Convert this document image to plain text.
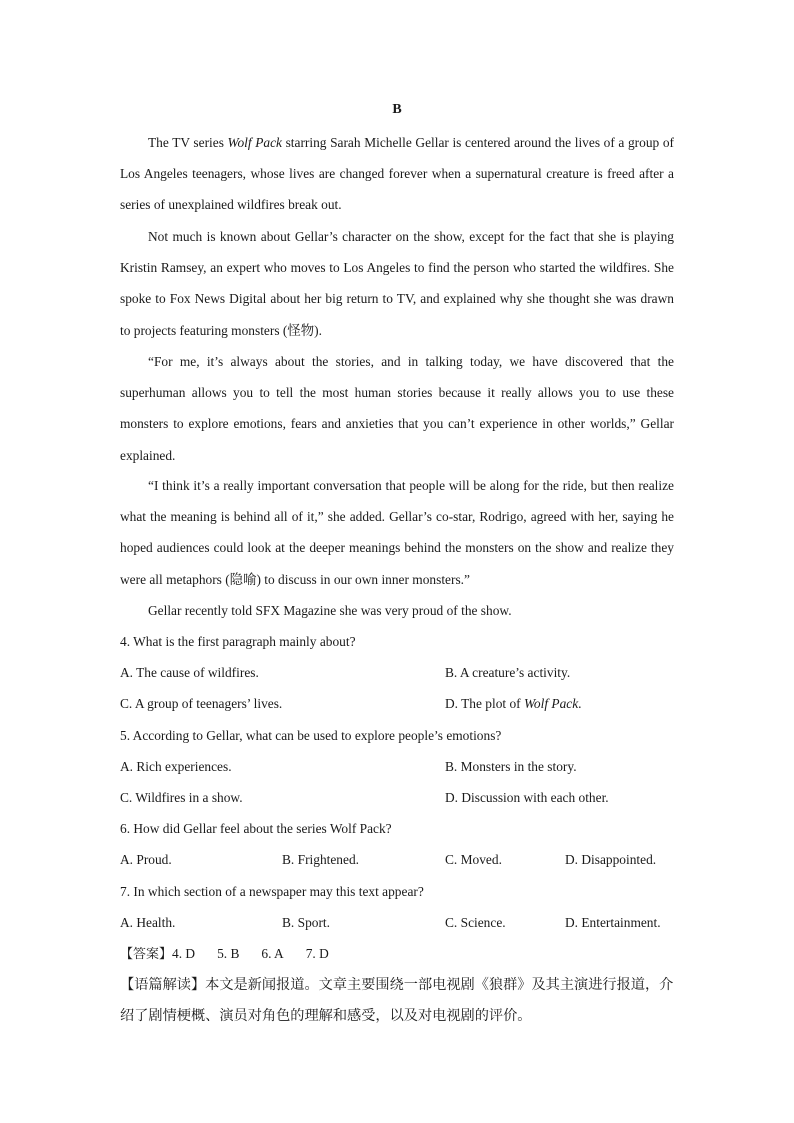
B

The TV series Wolf Pack starring Sarah Michelle Gellar is centered around the lives of a group of Los Angeles teenagers, whose lives are changed forever when a supernatural creature is freed after a series of unexplained wildfires break out.

Not much is known about Gellar’s character on the show, except for the fact that she is playing Kristin Ramsey, an expert who moves to Los Angeles to find the person who started the wildfires. She spoke to Fox News Digital about her big return to TV, and explained why she thought she was drawn to projects featuring monsters (怪物).

“For me, it’s always about the stories, and in talking today, we have discovered that the superhuman allows you to tell the most human stories because it really allows you to use these monsters to explore emotions, fears and anxieties that you can’t experience in other worlds,” Gellar explained.

“I think it’s a really important conversation that people will be along for the ride, but then realize what the meaning is behind all of it,” she added. Gellar’s co-star, Rodrigo, agreed with her, saying he hoped audiences could look at the deeper meanings behind the monsters on the show and realize they were all metaphors (隐喻) to discuss in our own inner monsters.”

Gellar recently told SFX Magazine she was very proud of the show.

4. What is the first paragraph mainly about?
A. The cause of wildfires.	B. A creature’s activity.
C. A group of teenagers’ lives.	D. The plot of Wolf Pack.
5. According to Gellar, what can be used to explore people’s emotions?
A. Rich experiences.	B. Monsters in the story.
C. Wildfires in a show.	D. Discussion with each other.
6. How did Gellar feel about the series Wolf Pack?
A. Proud.	B. Frightened.	C. Moved.	D. Disappointed.
7. In which section of a newspaper may this text appear?
A. Health.	B. Sport.	C. Science.	D. Entertainment.
【答案】4. D 5. B 6. A 7. D

【语篇解读】本文是新闻报道。文章主要围绕一部电视剧《狼群》及其主演进行报道，介绍了剧情梗概、演员对角色的理解和感受，以及对电视剧的评价。
